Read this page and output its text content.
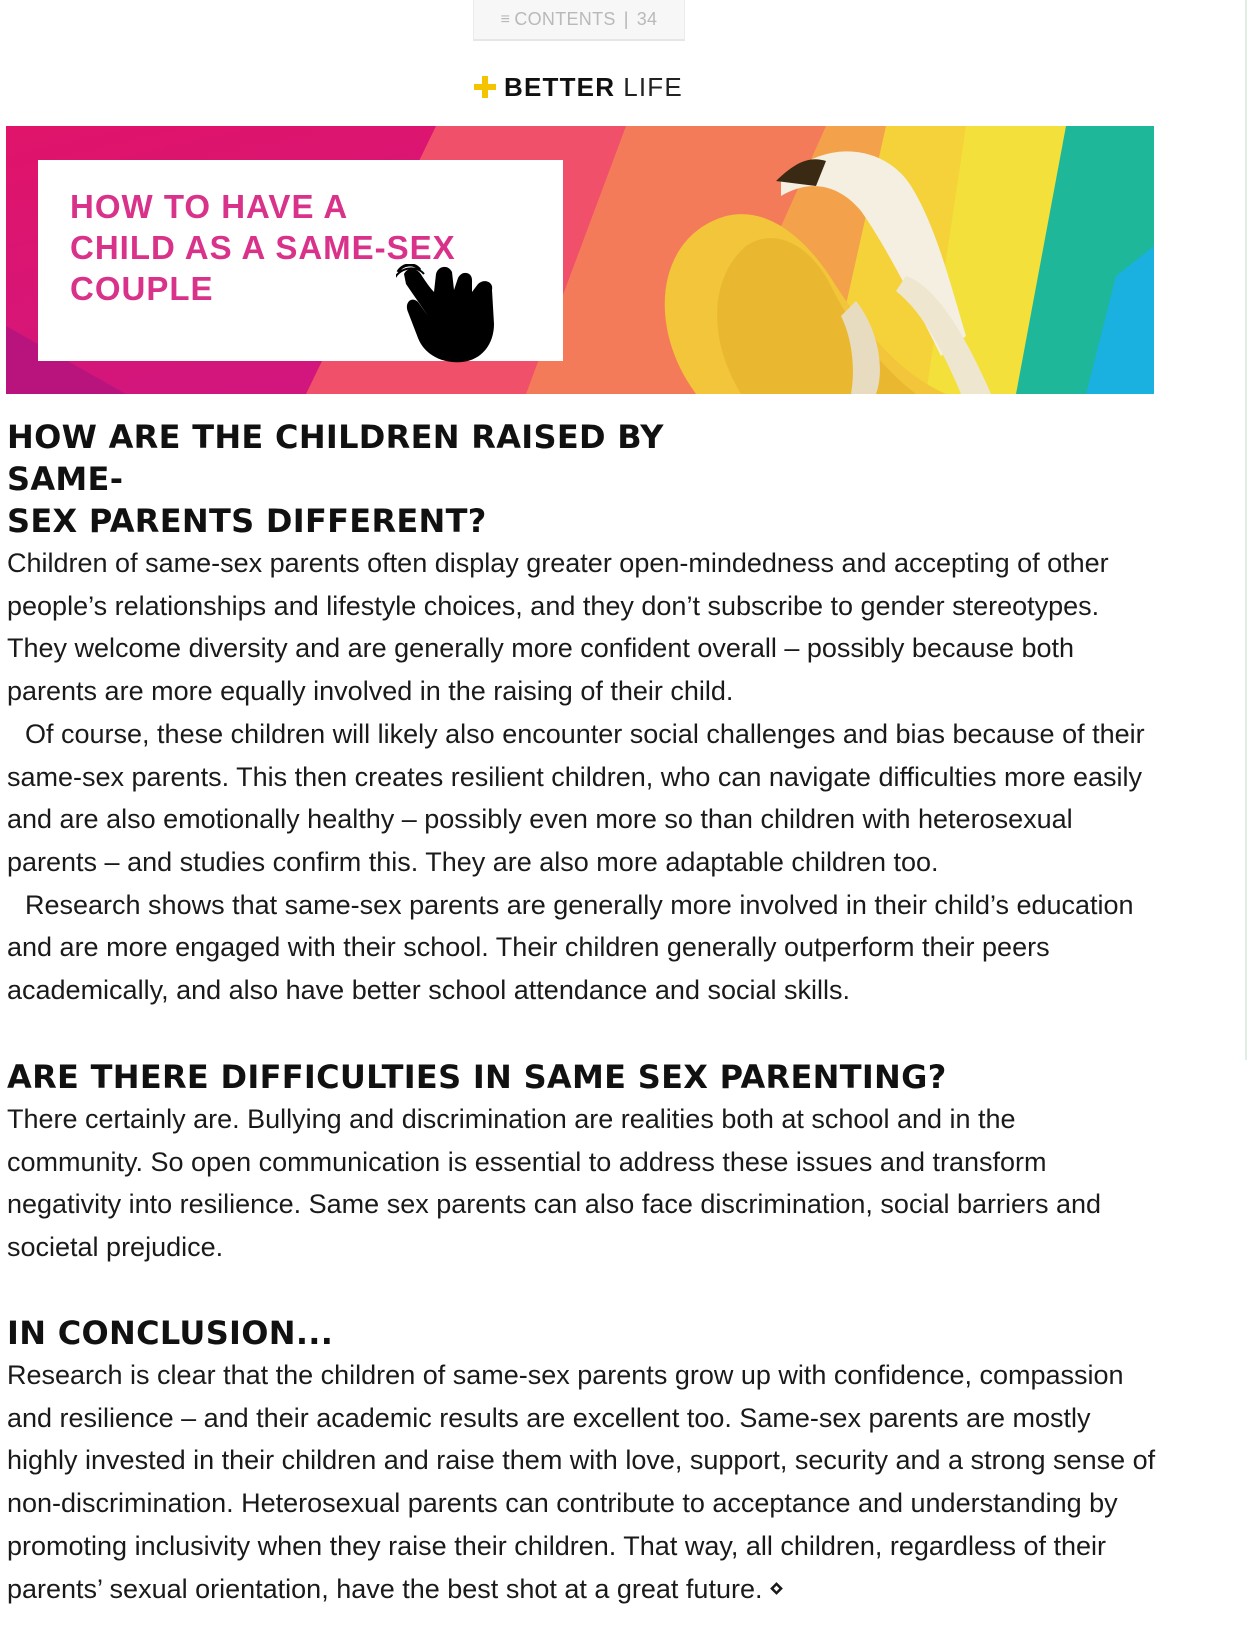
≡ CONTENTS | 34
BETTER LIFE
HOW TO HAVE A
CHILD AS A SAME-SEX
COUPLE
HOW ARE THE CHILDREN RAISED BY SAME-
SEX PARENTS DIFFERENT?

Children of same-sex parents often display greater open-mindedness and accepting of other people’s relationships and lifestyle choices, and they don’t subscribe to gender stereotypes. They welcome diversity and are generally more confident overall – possibly because both parents are more equally involved in the raising of their child.

Of course, these children will likely also encounter social challenges and bias because of their same-sex parents. This then creates resilient children, who can navigate difficulties more easily and are also emotionally healthy – possibly even more so than children with heterosexual parents – and studies confirm this. They are also more adaptable children too.

Research shows that same-sex parents are generally more involved in their child’s education and are more engaged with their school. Their children generally outperform their peers academically, and also have better school attendance and social skills.

ARE THERE DIFFICULTIES IN SAME SEX PARENTING?

There certainly are. Bullying and discrimination are realities both at school and in the community. So open communication is essential to address these issues and transform negativity into resilience. Same sex parents can also face discrimination, social barriers and societal prejudice.

IN CONCLUSION...

Research is clear that the children of same-sex parents grow up with confidence, compassion and resilience – and their academic results are excellent too. Same-sex parents are mostly highly invested in their children and raise them with love, support, security and a strong sense of non-discrimination. Heterosexual parents can contribute to acceptance and understanding by promoting inclusivity when they raise their children. That way, all children, regardless of their parents’ sexual orientation, have the best shot at a great future.
